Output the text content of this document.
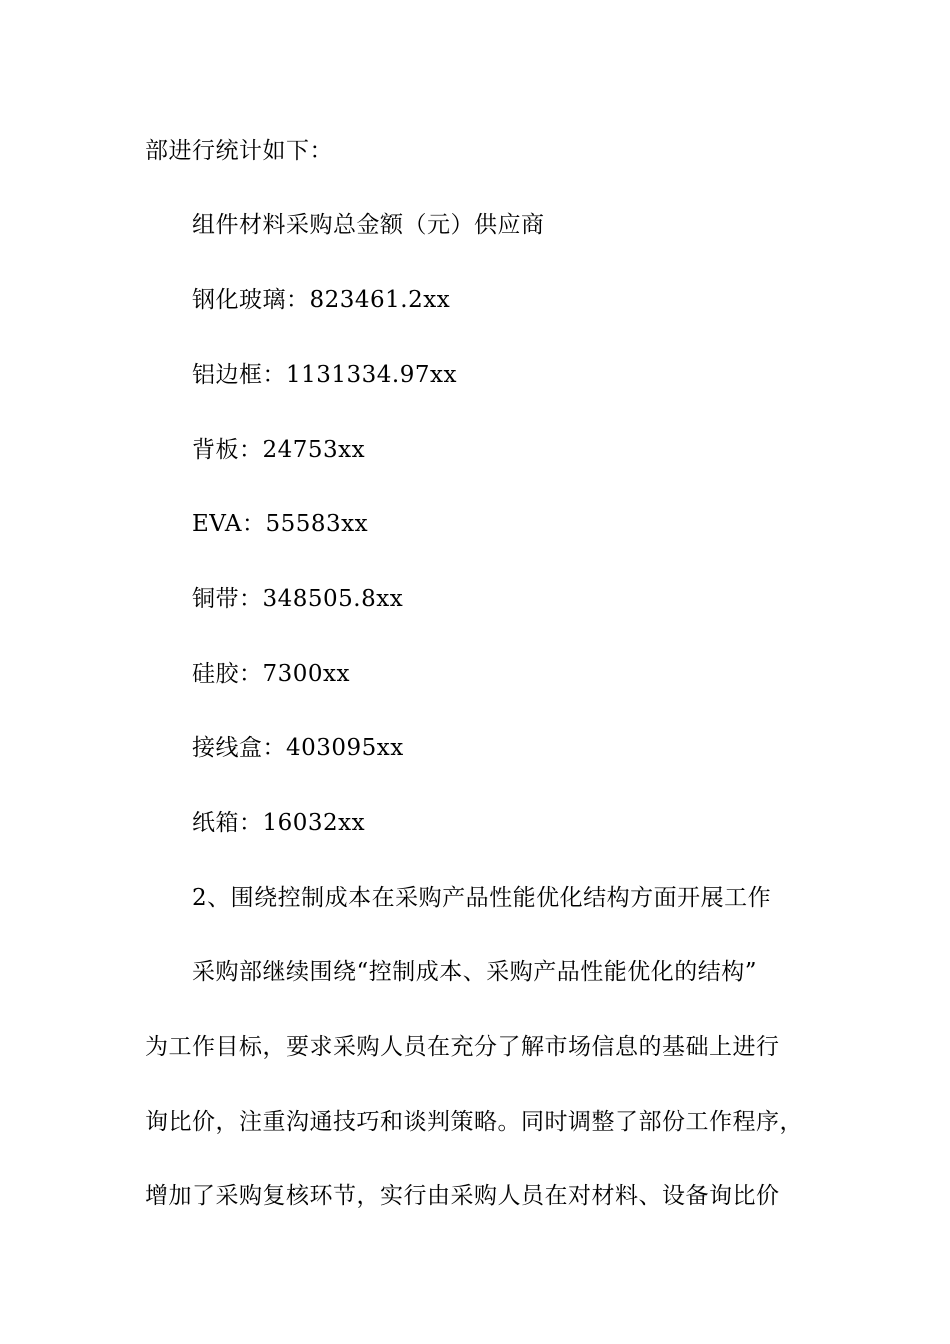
部进行统计如下：
组件材料采购总金额（元）供应商
钢化玻璃：823461.2xx
铝边框：1131334.97xx
背板：24753xx
EVA：55583xx
铜带：348505.8xx
硅胶：7300xx
接线盒：403095xx
纸箱：16032xx
2、围绕控制成本在采购产品性能优化结构方面开展工作
采购部继续围绕“控制成本、采购产品性能优化的结构”
为工作目标，要求采购人员在充分了解市场信息的基础上进行
询比价，注重沟通技巧和谈判策略。同时调整了部份工作程序，
增加了采购复核环节，实行由采购人员在对材料、设备询比价
